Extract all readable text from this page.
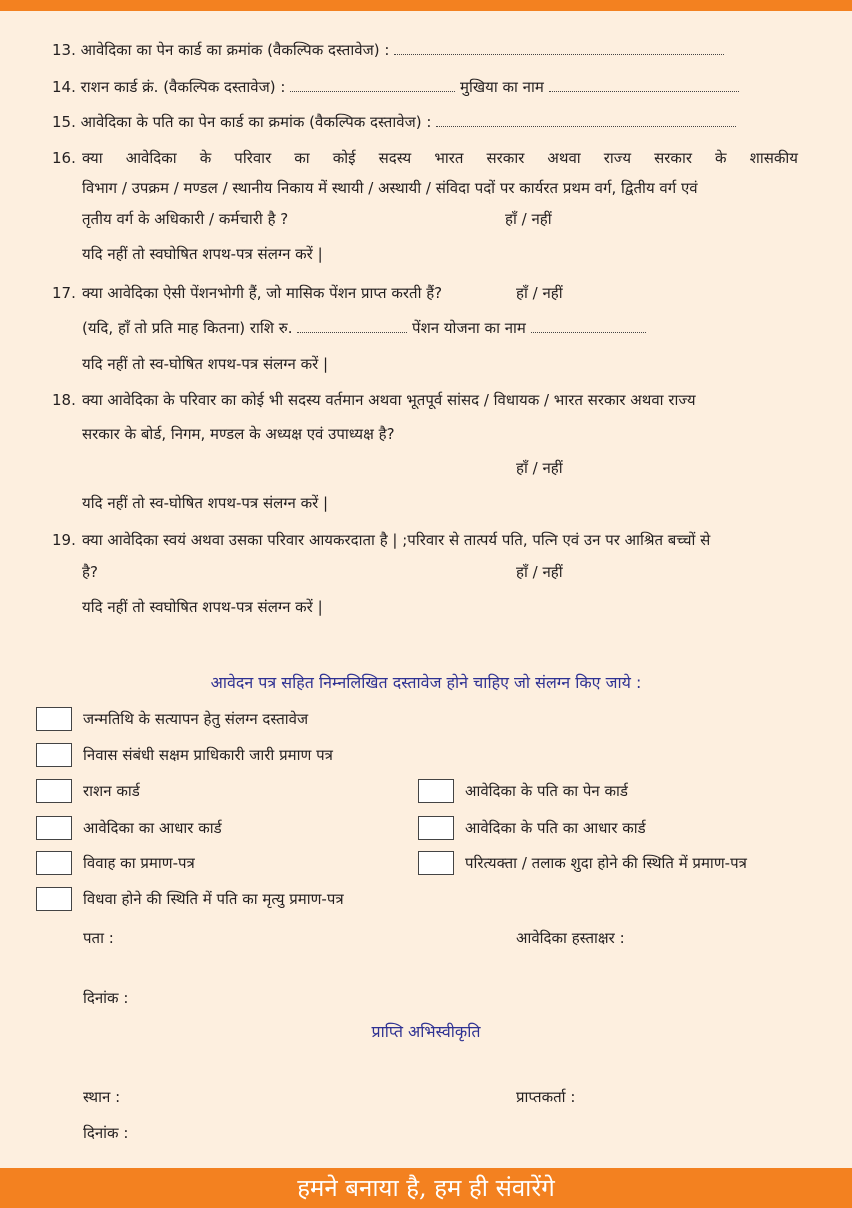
13. आवेदिका का पेन कार्ड का क्रमांक (वैकल्पिक दस्तावेज) :
14. राशन कार्ड क्रं. (वैकल्पिक दस्तावेज) :	मुखिया का नाम
15. आवेदिका के पति का पेन कार्ड का क्रमांक (वैकल्पिक दस्तावेज) :
16. क्या आवेदिका के परिवार का कोई सदस्य भारत सरकार अथवा राज्य सरकार के शासकीय
विभाग / उपक्रम / मण्डल / स्थानीय निकाय में स्थायी / अस्थायी / संविदा पदों पर कार्यरत प्रथम वर्ग, द्वितीय वर्ग एवं
तृतीय वर्ग के अधिकारी / कर्मचारी है ?	हाँ / नहीं
यदि नहीं तो स्वघोषित शपथ-पत्र संलग्न करें |
17. क्या आवेदिका ऐसी पेंशनभोगी हैं, जो मासिक पेंशन प्राप्त करती हैं?	हाँ / नहीं
(यदि, हाँ तो प्रति माह कितना) राशि रु.	पेंशन योजना का नाम
यदि नहीं तो स्व-घोषित शपथ-पत्र संलग्न करें |
18. क्या आवेदिका के परिवार का कोई भी सदस्य वर्तमान अथवा भूतपूर्व सांसद / विधायक / भारत सरकार अथवा राज्य
सरकार के बोर्ड, निगम, मण्डल के अध्यक्ष एवं उपाध्यक्ष है?
हाँ / नहीं
यदि नहीं तो स्व-घोषित शपथ-पत्र संलग्न करें |
19. क्या आवेदिका स्वयं अथवा उसका परिवार आयकरदाता है | ;परिवार से तात्पर्य पति, पत्नि एवं उन पर आश्रित बच्चों से
है?	हाँ / नहीं
यदि नहीं तो स्वघोषित शपथ-पत्र संलग्न करें |
आवेदन पत्र सहित निम्नलिखित दस्तावेज होने चाहिए जो संलग्न किए जाये :
जन्मतिथि के सत्यापन हेतु संलग्न दस्तावेज
निवास संबंधी सक्षम प्राधिकारी जारी प्रमाण पत्र
राशन कार्ड	आवेदिका के पति का पेन कार्ड
आवेदिका का आधार कार्ड	आवेदिका के पति का आधार कार्ड
विवाह का प्रमाण-पत्र	परित्यक्ता / तलाक शुदा होने की स्थिति में प्रमाण-पत्र
विधवा होने की स्थिति में पति का मृत्यु प्रमाण-पत्र
पता :	आवेदिका हस्ताक्षर :
दिनांक :
प्राप्ति अभिस्वीकृति
स्थान :	प्राप्तकर्ता :
दिनांक :
हमने बनाया है, हम ही संवारेंगे
